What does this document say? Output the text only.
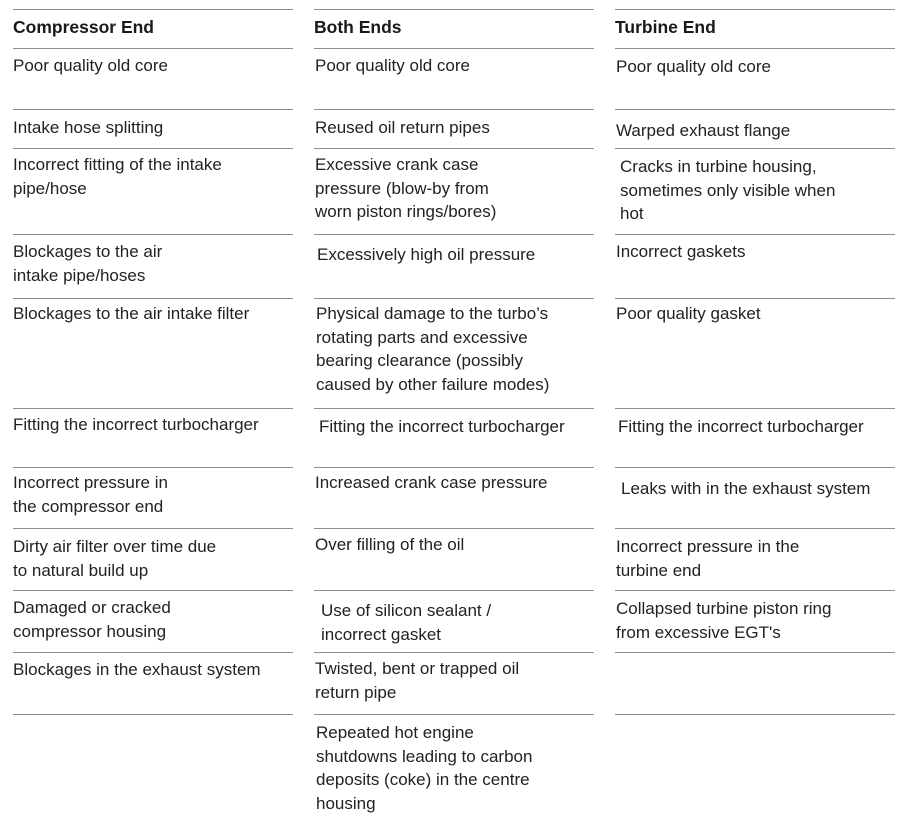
Compressor End
Poor quality old core
Intake hose splitting
Incorrect fitting of the intake
pipe/hose
Blockages to the air
intake pipe/hoses
Blockages to the air intake filter
Fitting the incorrect turbocharger
Incorrect pressure in
the compressor end
Dirty air filter over time due
to natural build up
Damaged or cracked
compressor housing
Blockages in the exhaust system
Both Ends
Poor quality old core
Reused oil return pipes
Excessive crank case
pressure (blow-by from
worn piston rings/bores)
Excessively high oil pressure
Physical damage to the turbo’s
rotating parts and excessive
bearing clearance (possibly
caused by other failure modes)
Fitting the incorrect turbocharger
Increased crank case pressure
Over filling of the oil
Use of silicon sealant /
incorrect gasket
Twisted, bent or trapped oil
return pipe
Repeated hot engine
shutdowns leading to carbon
deposits (coke) in the centre
housing
Turbine End
Poor quality old core
Warped exhaust flange
Cracks in turbine housing,
sometimes only visible when
hot
Incorrect gaskets
Poor quality gasket
Fitting the incorrect turbocharger
Leaks with in the exhaust system
Incorrect pressure in the
turbine end
Collapsed turbine piston ring
from excessive EGT's
